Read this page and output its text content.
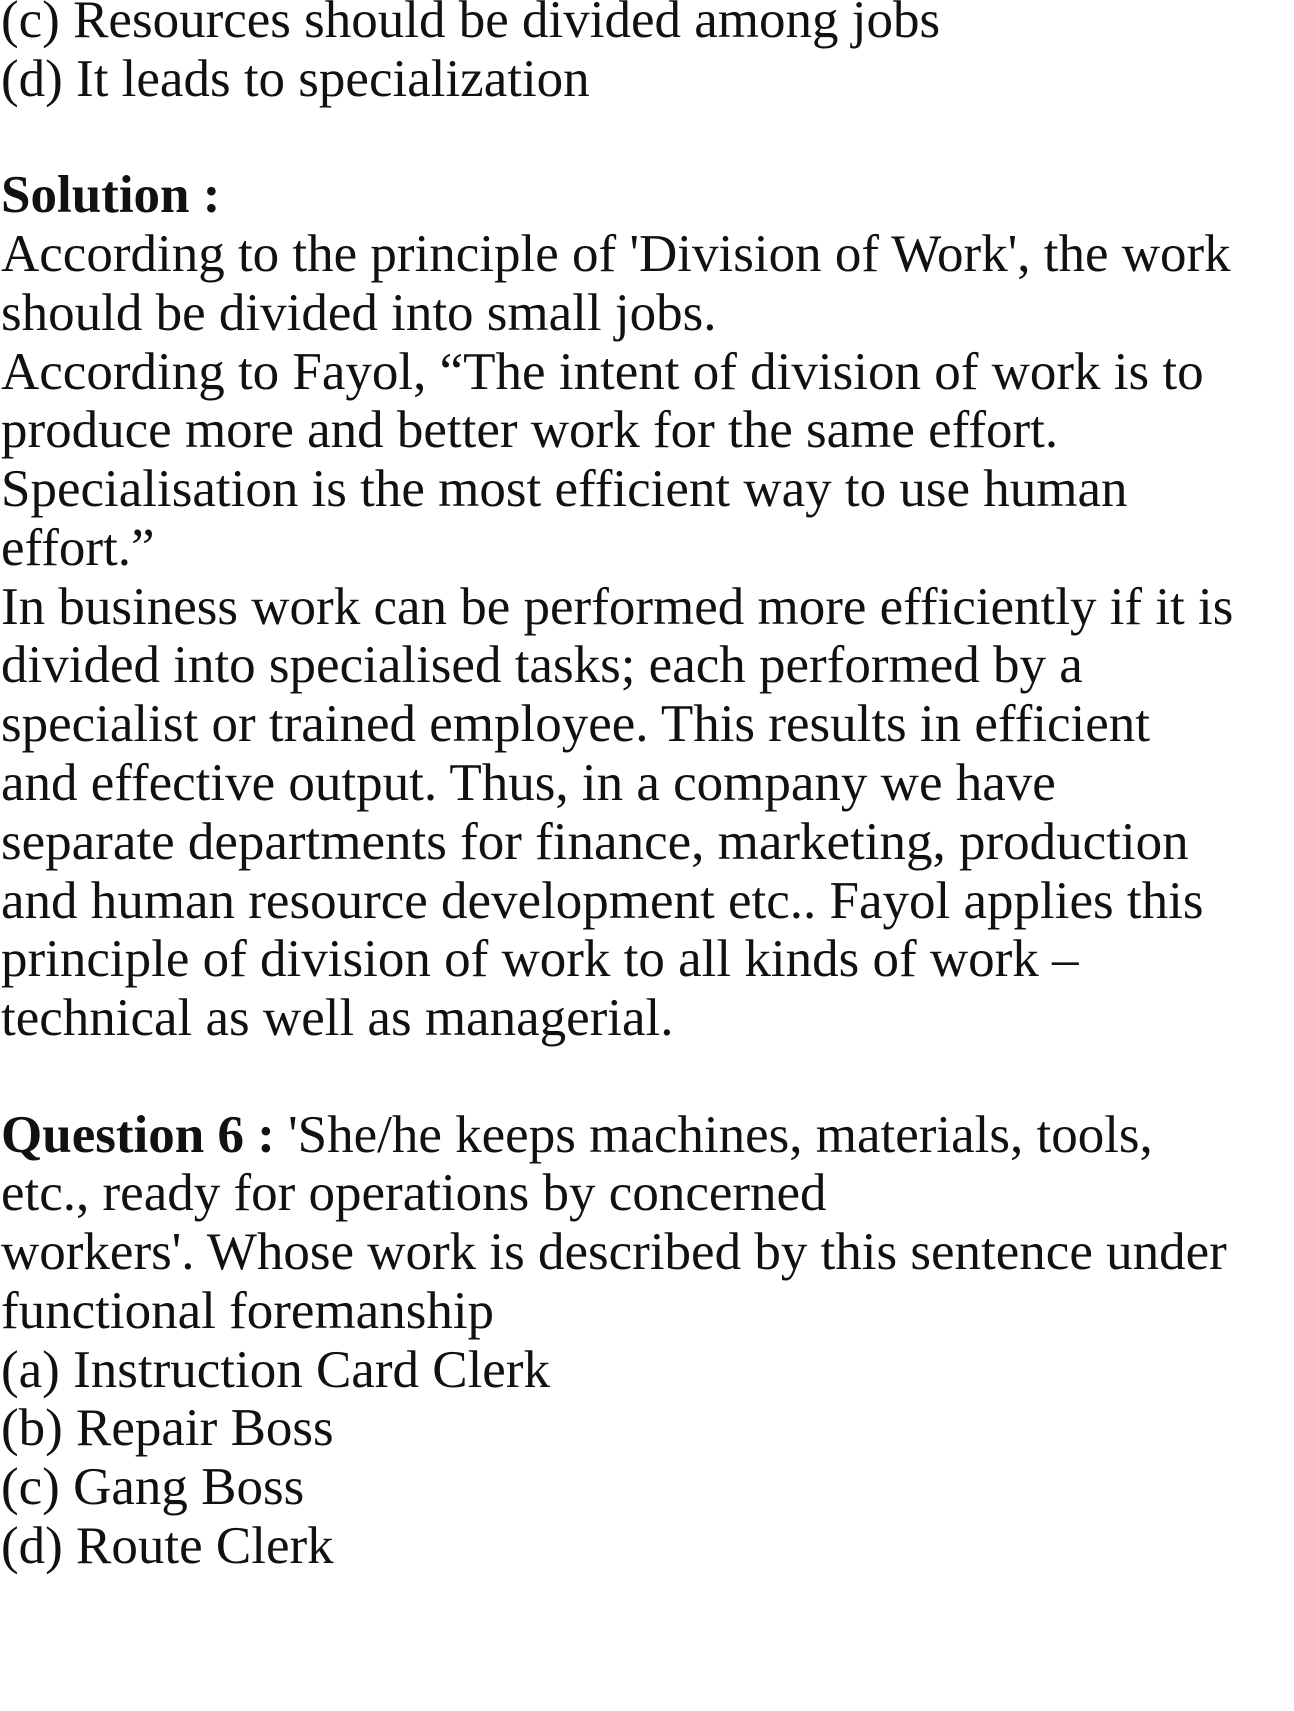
(c) Resources should be divided among jobs

(d) It leads to specialization

Solution :

According to the principle of 'Division of Work', the work

should be divided into small jobs.

According to Fayol, “The intent of division of work is to

produce more and better work for the same effort.

Specialisation is the most efficient way to use human

effort.”

In business work can be performed more efficiently if it is

divided into specialised tasks; each performed by a

specialist or trained employee. This results in efficient

and effective output. Thus, in a company we have

separate departments for finance, marketing, production

and human resource development etc.. Fayol applies this

principle of division of work to all kinds of work –

technical as well as managerial.

Question 6 : 'She/he keeps machines, materials, tools,

etc., ready for operations by concerned

workers'. Whose work is described by this sentence under

functional foremanship

(a) Instruction Card Clerk

(b) Repair Boss

(c) Gang Boss

(d) Route Clerk
